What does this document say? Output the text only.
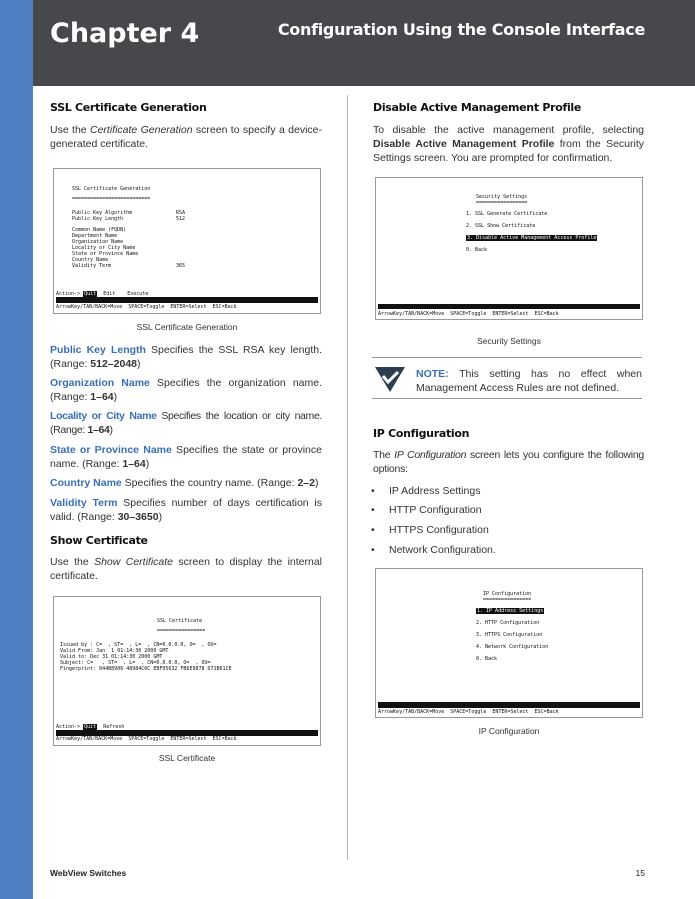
Chapter 4	Configuration Using the Console Interface
SSL Certificate Generation
Use the Certificate Generation screen to specify a device-generated certificate.
SSL Certificate Generation
==========================
Public Key Algorithm	RSA
Public Key Length	512
Common Name (FQDN)
Department Name
Organization Name
Locality or City Name
State or Province Name
Country Name
Validity Term	365
Action-> Quit Edit    Execute
ArrowKey/TAB/BACK=Move  SPACE=Toggle  ENTER=Select  ESC=Back
SSL Certificate Generation
Public Key Length Specifies the SSL RSA key length. (Range: 512–2048)
Organization Name Specifies the organization name. (Range: 1–64)
Locality or City Name Specifies the location or city name. (Range: 1–64)
State or Province Name Specifies the state or province name. (Range: 1–64)
Country Name Specifies the country name. (Range: 2–2)
Validity Term Specifies number of days certification is valid. (Range: 30–3650)
Show Certificate
Use the Show Certificate screen to display the internal certificate.
SSL Certificate
================
Issued by : C=  , ST=  , L=  , CN=0.0.0.0, O=  , OU=
Valid From: Jan  1 01:14:30 2000 GMT
Valid to: Dec 31 01:14:30 2000 GMT
Subject: C=   , ST=  , L=  , CN=0.0.0.0, O=  , OU=
Fingerprint: 044B8906 48984C0C EBF05632 FB6E9878 D71B61CE
Action-> Quit Refresh
ArrowKey/TAB/BACK=Move  SPACE=Toggle  ENTER=Select  ESC=Back
SSL Certificate
Disable Active Management Profile
To disable the active management profile, selecting Disable Active Management Profile from the Security Settings screen. You are prompted for confirmation.
Security Settings
=================
1. SSL Generate Certificate
2. SSL Show Certificate
3. Disable Active Management Access Profile
0. Back
ArrowKey/TAB/BACK=Move  SPACE=Toggle  ENTER=Select  ESC=Back
Security Settings
NOTE: This setting has no effect when Management Access Rules are not defined.
IP Configuration
The IP Configuration screen lets you configure the following options:
• IP Address Settings
• HTTP Configuration
• HTTPS Configuration
• Network Configuration.
IP Configuration
================
1. IP Address Settings
2. HTTP Configuration
3. HTTPS Configuration
4. Network Configuration
0. Back
ArrowKey/TAB/BACK=Move  SPACE=Toggle  ENTER=Select  ESC=Back
IP Configuration
WebView Switches	15
